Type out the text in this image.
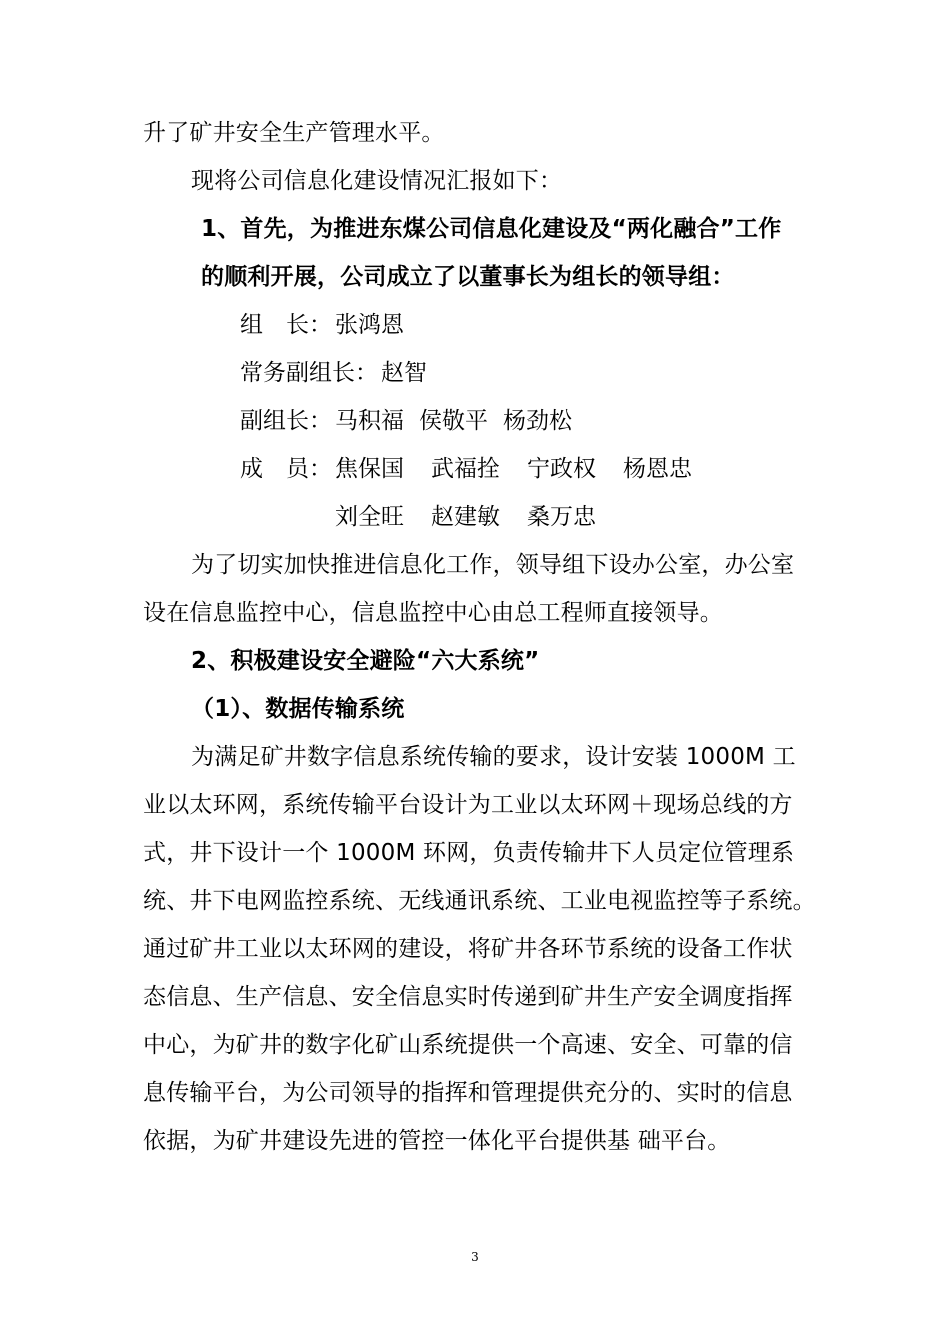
升了矿井安全生产管理水平。
现将公司信息化建设情况汇报如下：
1、首先，为推进东煤公司信息化建设及“两化融合”工作
的顺利开展，公司成立了以董事长为组长的领导组：
组　长： 张鸿恩
常务副组长： 赵智
副组长： 马积福 侯敬平 杨劲松
成　员： 焦保国 武福拴 宁政权 杨恩忠
刘全旺 赵建敏 桑万忠
为了切实加快推进信息化工作，领导组下设办公室，办公室
设在信息监控中心，信息监控中心由总工程师直接领导。
2、积极建设安全避险“六大系统”
（1）、数据传输系统
为满足矿井数字信息系统传输的要求，设计安装 1000M 工
业以太环网，系统传输平台设计为工业以太环网＋现场总线的方
式，井下设计一个 1000M 环网，负责传输井下人员定位管理系
统、井下电网监控系统、无线通讯系统、工业电视监控等子系统。
通过矿井工业以太环网的建设，将矿井各环节系统的设备工作状
态信息、生产信息、安全信息实时传递到矿井生产安全调度指挥
中心，为矿井的数字化矿山系统提供一个高速、安全、可靠的信
息传输平台，为公司领导的指挥和管理提供充分的、实时的信息
依据，为矿井建设先进的管控一体化平台提供基 础平台。
3
